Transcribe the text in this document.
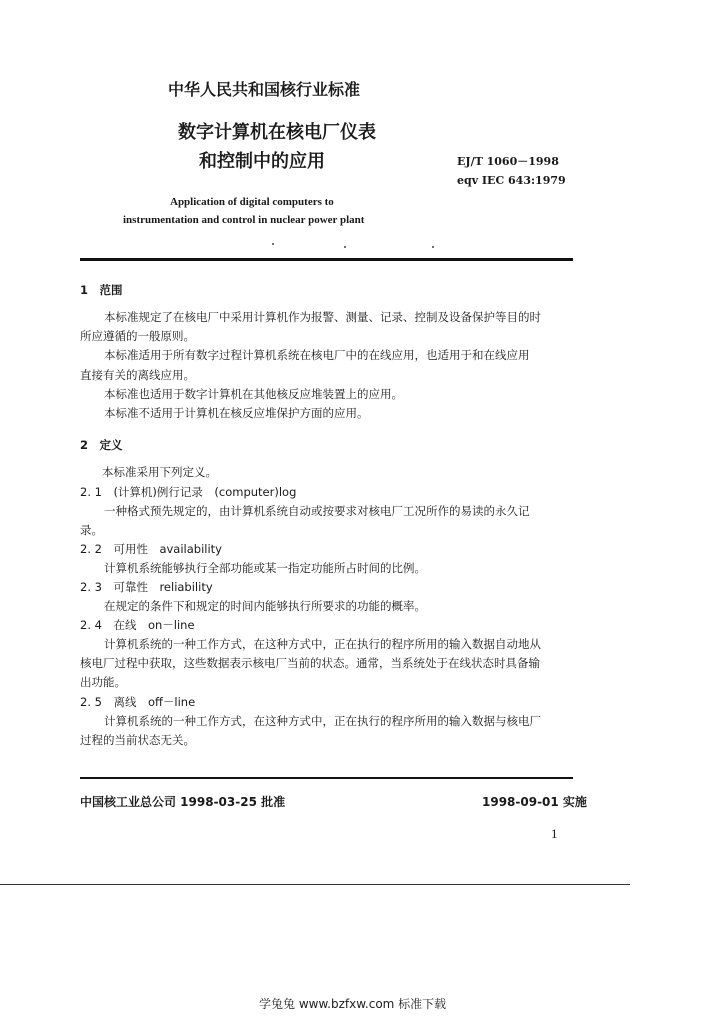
中华人民共和国核行业标准

数字计算机在核电厂仪表

和控制中的应用	EJ/T 1060－1998

eqv IEC 643:1979

Application of digital computers to

instrumentation and control in nuclear power plant

1　范围

本标准规定了在核电厂中采用计算机作为报警、测量、记录、控制及设备保护等目的时

所应遵循的一般原则。

本标准适用于所有数字过程计算机系统在核电厂中的在线应用，也适用于和在线应用

直接有关的离线应用。

本标准也适用于数字计算机在其他核反应堆装置上的应用。

本标准不适用于计算机在核反应堆保护方面的应用。

2　定义

本标准采用下列定义。

2. 1　(计算机)例行记录　(computer)log

一种格式预先规定的，由计算机系统自动或按要求对核电厂工况所作的易读的永久记

录。

2. 2　可用性　availability

计算机系统能够执行全部功能或某一指定功能所占时间的比例。

2. 3　可靠性　reliability

在规定的条件下和规定的时间内能够执行所要求的功能的概率。

2. 4　在线　on－line

计算机系统的一种工作方式，在这种方式中，正在执行的程序所用的输入数据自动地从

核电厂过程中获取，这些数据表示核电厂当前的状态。通常，当系统处于在线状态时具备输

出功能。

2. 5　离线　off－line

计算机系统的一种工作方式，在这种方式中，正在执行的程序所用的输入数据与核电厂

过程的当前状态无关。

中国核工业总公司 1998-03-25 批准	1998-09-01 实施

1

学兔兔 www.bzfxw.com 标准下载
